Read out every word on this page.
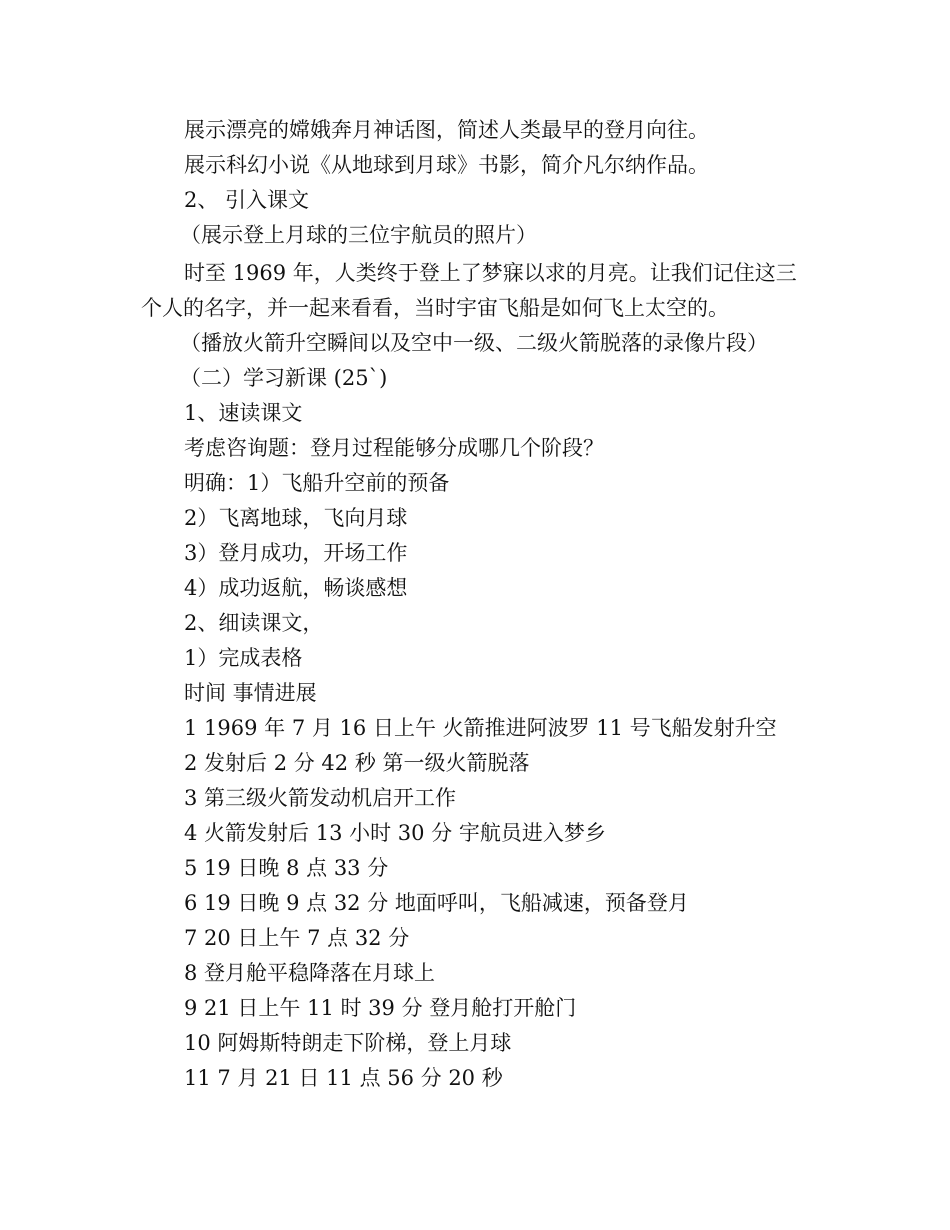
展示漂亮的嫦娥奔月神话图，简述人类最早的登月向往。
展示科幻小说《从地球到月球》书影，简介凡尔纳作品。
2、 引入课文
（展示登上月球的三位宇航员的照片）
时至 1969 年，人类终于登上了梦寐以求的月亮。让我们记住这三
个人的名字，并一起来看看，当时宇宙飞船是如何飞上太空的。
（播放火箭升空瞬间以及空中一级、二级火箭脱落的录像片段）
（二）学习新课 (25`)
1、速读课文
考虑咨询题：登月过程能够分成哪几个阶段？
明确：1）飞船升空前的预备
2）飞离地球，飞向月球
3）登月成功，开场工作
4）成功返航，畅谈感想
2、细读课文，
1）完成表格
时间 事情进展
1 1969 年 7 月 16 日上午 火箭推进阿波罗 11 号飞船发射升空
2 发射后 2 分 42 秒 第一级火箭脱落
3 第三级火箭发动机启开工作
4 火箭发射后 13 小时 30 分 宇航员进入梦乡
5 19 日晚 8 点 33 分
6 19 日晚 9 点 32 分 地面呼叫，飞船减速，预备登月
7 20 日上午 7 点 32 分
8 登月舱平稳降落在月球上
9 21 日上午 11 时 39 分 登月舱打开舱门
10 阿姆斯特朗走下阶梯，登上月球
11 7 月 21 日 11 点 56 分 20 秒
